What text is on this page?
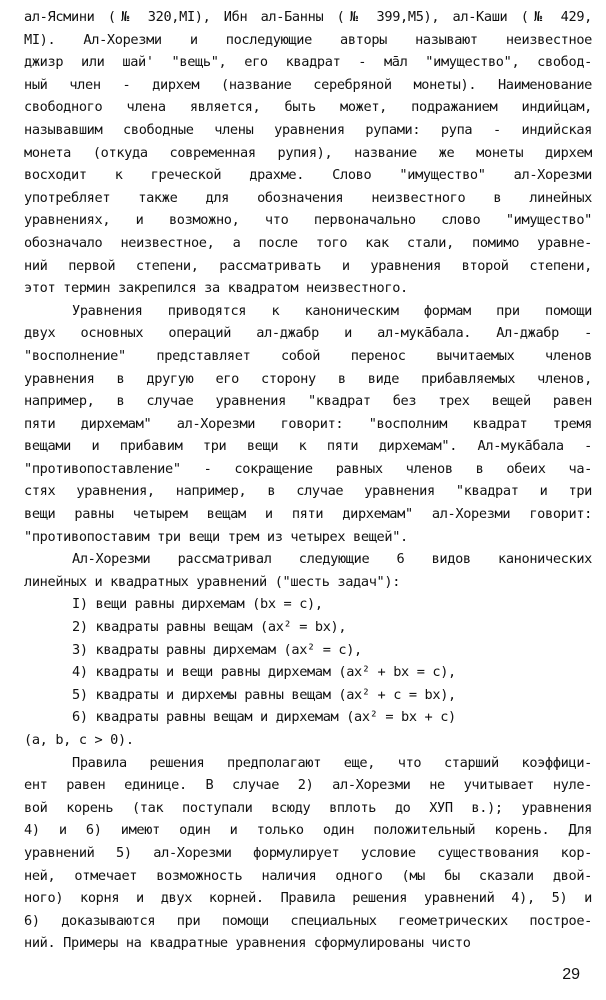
ал-Ясмини (№ 320,МI), Ибн ал-Банны (№ 399,М5), ал-Каши (№ 429,
МI). Ал-Хорезми и последующие авторы называют неизвестное
джизр или шай' "вещь", его квадрат - мāл "имущество", свобод-
ный член - дирхем (название серебряной монеты). Наименование
свободного члена является, быть может, подражанием индийцам,
назывaвшим свободные члены уравнения рупами: рупа - индийская
монета (откуда современная рупия), название же монеты дирхем
восходит к греческой драхме. Слово "имущество" ал-Хорезми
употребляет также для обозначения неизвестного в линейных
уравнениях, и возможно, что первоначально слово "имущество"
обозначало неизвестное, а после того как стали, помимо уравне-
ний первой степени, рассматривать и уравнения второй степени,
этот термин закрепился за квадратом неизвестного.
Уравнения приводятся к каноническим формам при помощи
двух основных операций ал-джабр и ал-мукāбала. Ал-джабр -
"восполнение" представляет собой перенос вычитаемых членов
уравнения в другую его сторону в виде прибавляемых членов,
например, в случае уравнения "квадрат без трех вещей равен
пяти дирхемам" ал-Хорезми говорит: "восполним квадрат тремя
вещами и прибавим три вещи к пяти дирхемам". Ал-мукāбала -
"противопоставление" - сокращение равных членов в обеих ча-
стях уравнения, например, в случае уравнения "квадрат и три
вещи равны четырем вещам и пяти дирхемам" ал-Хорезми говорит:
"противопоставим три вещи трем из четырех вещей".
Ал-Хорезми рассматривал следующие 6 видов канонических
линейных и квадратных уравнений ("шесть задач"):
I) вещи равны дирхемам (bx = c),
2) квадраты равны вещам (ax² = bx),
3) квадраты равны дирхемам (ax² = c),
4) квадраты и вещи равны дирхемам (ax² + bx = c),
5) квадраты и дирхемы равны вещам (ax² + c = bx),
6) квадраты равны вещам и дирхемам (ax² = bx + c)
(a, b, c > 0).
Правила решения предполагают еще, что старший коэффици-
ент равен единице. В случае 2) ал-Хорезми не учитывает нуле-
вой корень (так поступали всюду вплоть до ХУП в.); уравнения
4) и 6) имеют один и только один положительный корень. Для
уравнений 5) ал-Хорезми формулирует условие существования кор-
ней, отмечает возможность наличия одного (мы бы сказали двой-
ного) корня и двух корней. Правила решения уравнений 4), 5) и
6) доказываются при помощи специальных геометрических построе-
ний. Примеры на квадратные уравнения сформулированы чисто
29
